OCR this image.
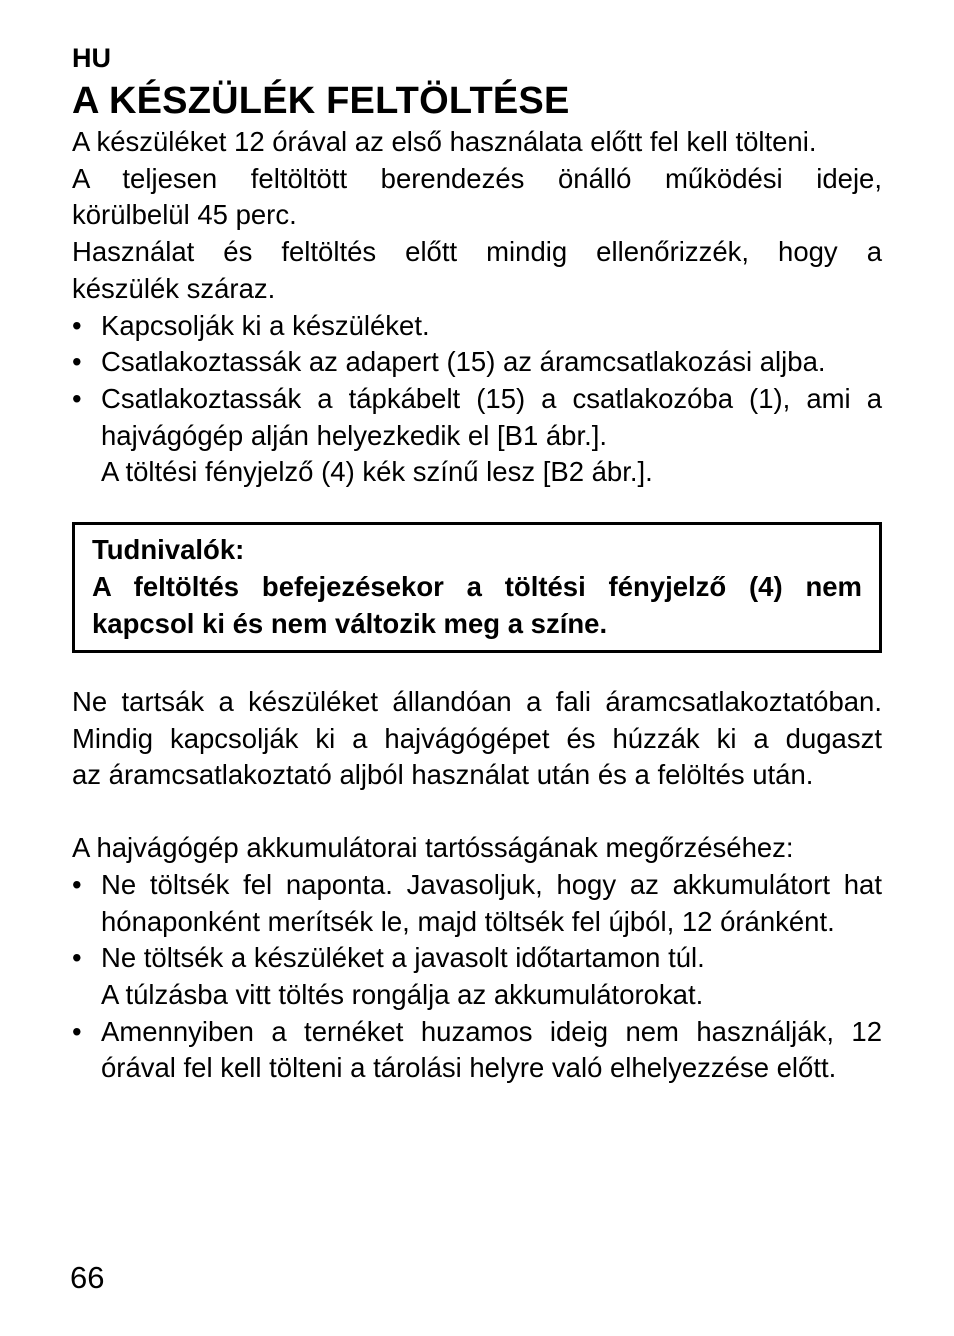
HU
A KÉSZÜLÉK FELTÖLTÉSE

A készüléket 12 órával az első használata előtt fel kell tölteni.

A teljesen feltöltött berendezés önálló működési ideje,
körülbelül 45 perc.

Használat és feltöltés előtt mindig ellenőrizzék, hogy a
készülék száraz.

• Kapcsolják ki a készüléket.
• Csatlakoztassák az adapert (15) az áramcsatlakozási aljba.
• Csatlakoztassák a tápkábelt (15) a csatlakozóba (1), ami a
hajvágógép alján helyezkedik el [B1 ábr.].
A töltési fényjelző (4) kék színű lesz [B2 ábr.].
Tudnivalók:
A feltöltés befejezésekor a töltési fényjelző (4) nem kapcsol ki és nem változik meg a színe.

Ne tartsák a készüléket állandóan a fali áramcsatlakoztatóban.
Mindig kapcsolják ki a hajvágógépet és húzzák ki a dugaszt
az áramcsatlakoztató aljból használat után és a felöltés után.

A hajvágógép akkumulátorai tartósságának megőrzéséhez:

• Ne töltsék fel naponta. Javasoljuk, hogy az akkumulátort hat
hónaponként merítsék le, majd töltsék fel újból, 12 óránként.
• Ne töltsék a készüléket a javasolt időtartamon túl.
A túlzásba vitt töltés rongálja az akkumulátorokat.
• Amennyiben a ternéket huzamos ideig nem használják, 12
órával fel kell tölteni a tárolási helyre való elhelyezzése előtt.
66
